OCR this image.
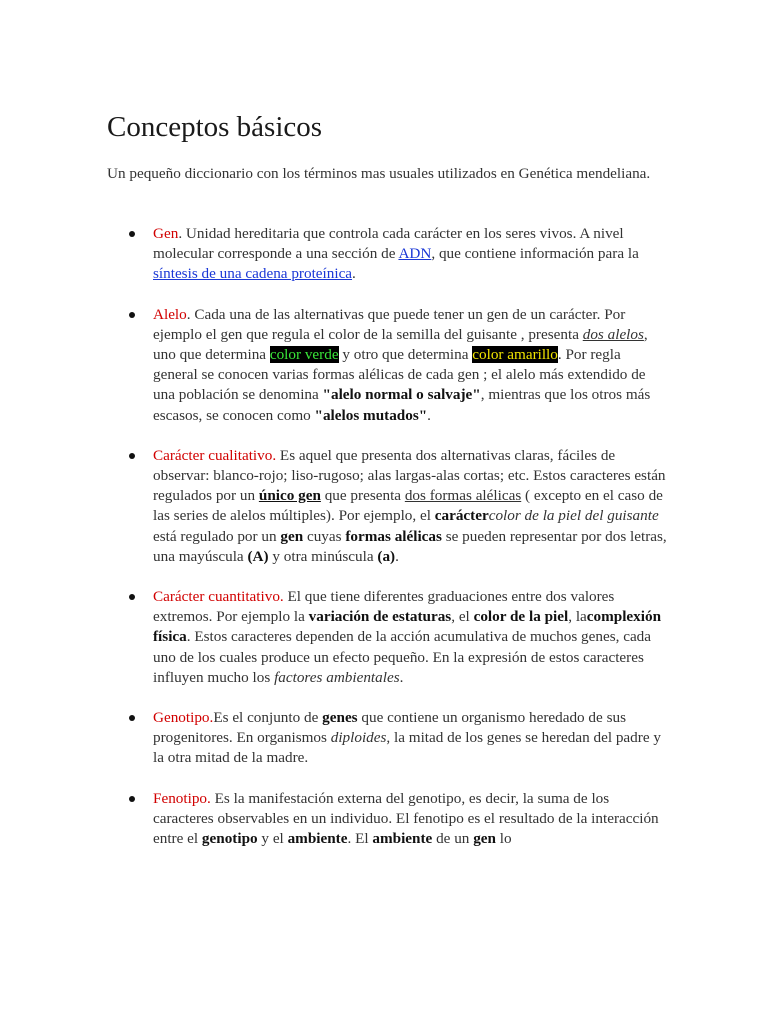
Conceptos básicos

Un pequeño diccionario con los términos mas usuales utilizados en Genética mendeliana.

Gen. Unidad hereditaria que controla cada carácter en los seres vivos. A nivel molecular corresponde a una sección de ADN, que contiene información para la síntesis de una cadena proteínica.
Alelo. Cada una de las alternativas que puede tener un gen de un carácter. Por ejemplo el gen que regula el color de la semilla del guisante , presenta dos alelos, uno que determina color verde y otro que determina color amarillo. Por regla general se conocen varias formas alélicas de cada gen ; el alelo más extendido de una población se denomina "alelo normal o salvaje", mientras que los otros más escasos, se conocen como "alelos mutados".
Carácter cualitativo. Es aquel que presenta dos alternativas claras, fáciles de observar: blanco-rojo; liso-rugoso; alas largas-alas cortas; etc. Estos caracteres están regulados por un único gen que presenta dos formas alélicas ( excepto en el caso de las series de alelos múltiples). Por ejemplo, el caráctercolor de la piel del guisante está regulado por un gen cuyas formas alélicas se pueden representar por dos letras, una mayúscula (A) y otra minúscula (a).
Carácter cuantitativo. El que tiene diferentes graduaciones entre dos valores extremos. Por ejemplo la variación de estaturas, el color de la piel, lacomplexión física. Estos caracteres dependen de la acción acumulativa de muchos genes, cada uno de los cuales produce un efecto pequeño. En la expresión de estos caracteres influyen mucho los factores ambientales.
Genotipo.Es el conjunto de genes que contiene un organismo heredado de sus progenitores. En organismos diploides, la mitad de los genes se heredan del padre y la otra mitad de la madre.
Fenotipo. Es la manifestación externa del genotipo, es decir, la suma de los caracteres observables en un individuo. El fenotipo es el resultado de la interacción entre el genotipo y el ambiente. El ambiente de un gen lo
